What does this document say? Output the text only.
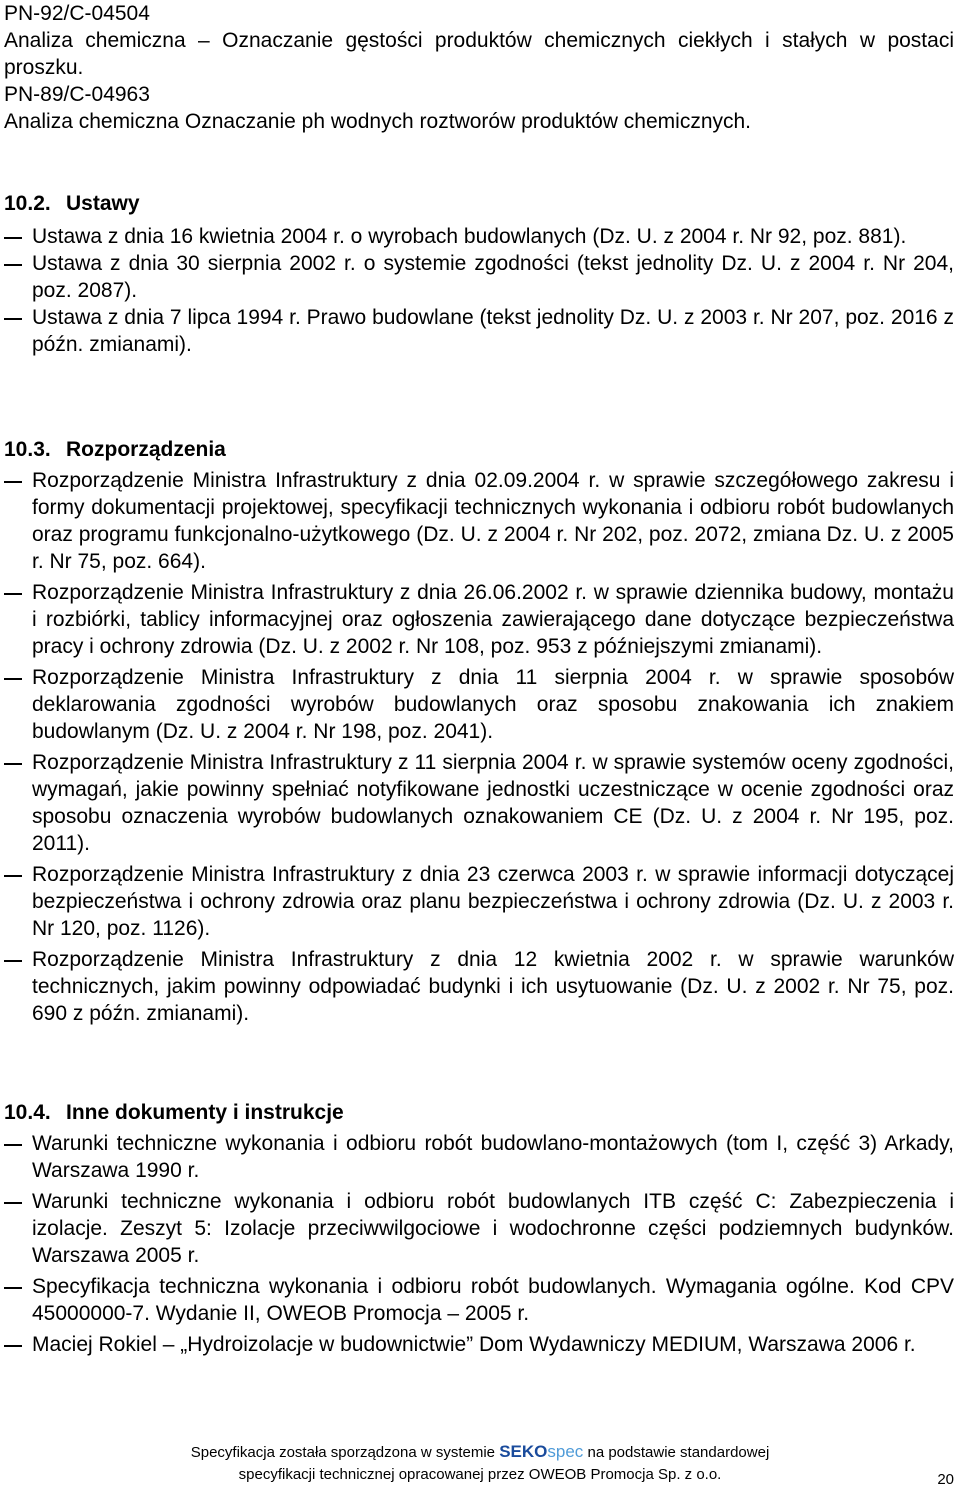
PN-92/C-04504

Analiza chemiczna – Oznaczanie gęstości produktów chemicznych ciekłych i stałych w postaci proszku.

PN-89/C-04963

Analiza chemiczna Oznaczanie ph wodnych roztworów produktów chemicznych.

10.2. Ustawy

Ustawa z dnia 16 kwietnia 2004 r. o wyrobach budowlanych (Dz. U. z 2004 r. Nr 92, poz. 881).
Ustawa z dnia 30 sierpnia 2002 r. o systemie zgodności (tekst jednolity Dz. U. z 2004 r. Nr 204, poz. 2087).
Ustawa z dnia 7 lipca 1994 r. Prawo budowlane (tekst jednolity Dz. U. z 2003 r. Nr 207, poz. 2016 z późn. zmianami).

10.3. Rozporządzenia

Rozporządzenie Ministra Infrastruktury z dnia 02.09.2004 r. w sprawie szczegółowego zakresu i formy dokumentacji projektowej, specyfikacji technicznych wykonania i odbioru robót budowlanych oraz programu funkcjonalno-użytkowego (Dz. U. z 2004 r. Nr 202, poz. 2072, zmiana Dz. U. z 2005 r. Nr 75, poz. 664).
Rozporządzenie Ministra Infrastruktury z dnia 26.06.2002 r. w sprawie dziennika budowy, montażu i rozbiórki, tablicy informacyjnej oraz ogłoszenia zawierającego dane dotyczące bezpieczeństwa pracy i ochrony zdrowia (Dz. U. z 2002 r. Nr 108, poz. 953 z późniejszymi zmianami).
Rozporządzenie Ministra Infrastruktury z dnia 11 sierpnia 2004 r. w sprawie sposobów deklarowania zgodności wyrobów budowlanych oraz sposobu znakowania ich znakiem budowlanym (Dz. U. z 2004 r. Nr 198, poz. 2041).
Rozporządzenie Ministra Infrastruktury z 11 sierpnia 2004 r. w sprawie systemów oceny zgodności, wymagań, jakie powinny spełniać notyfikowane jednostki uczestniczące w ocenie zgodności oraz sposobu oznaczenia wyrobów budowlanych oznakowaniem CE (Dz. U. z 2004 r. Nr 195, poz. 2011).
Rozporządzenie Ministra Infrastruktury z dnia 23 czerwca 2003 r. w sprawie informacji dotyczącej bezpieczeństwa i ochrony zdrowia oraz planu bezpieczeństwa i ochrony zdrowia (Dz. U. z 2003 r. Nr 120, poz. 1126).
Rozporządzenie Ministra Infrastruktury z dnia 12 kwietnia 2002 r. w sprawie warunków technicznych, jakim powinny odpowiadać budynki i ich usytuowanie (Dz. U. z 2002 r. Nr 75, poz. 690 z późn. zmianami).

10.4. Inne dokumenty i instrukcje

Warunki techniczne wykonania i odbioru robót budowlano-montażowych (tom I, część 3) Arkady, Warszawa 1990 r.
Warunki techniczne wykonania i odbioru robót budowlanych ITB część C: Zabezpieczenia i izolacje. Zeszyt 5: Izolacje przeciwwilgociowe i wodochronne części podziemnych budynków. Warszawa 2005 r.
Specyfikacja techniczna wykonania i odbioru robót budowlanych. Wymagania ogólne. Kod CPV 45000000-7. Wydanie II, OWEOB Promocja – 2005 r.
Maciej Rokiel – „Hydroizolacje w budownictwie” Dom Wydawniczy MEDIUM, Warszawa 2006 r.
Specyfikacja została sporządzona w systemie SEKOspec na podstawie standardowej
specyfikacji technicznej opracowanej przez OWEOB Promocja Sp. z o.o.	20
